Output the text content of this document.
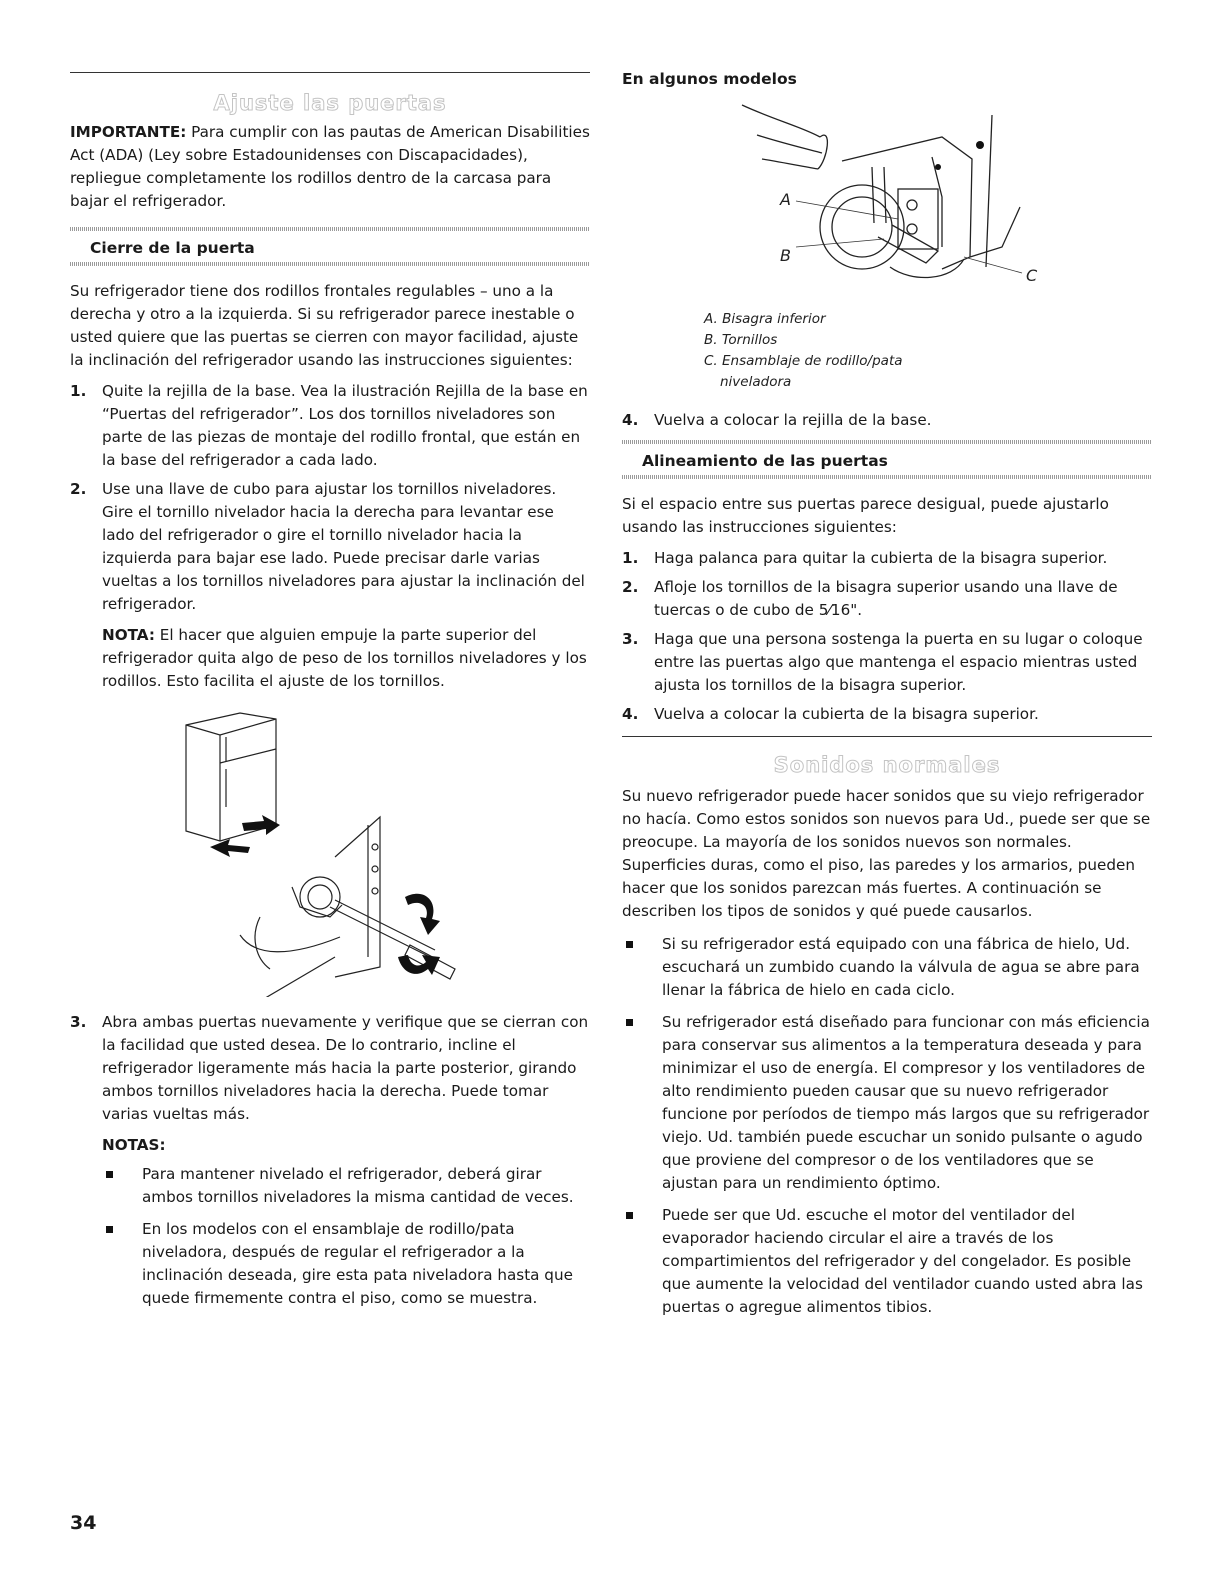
Ajuste las puertas

IMPORTANTE: Para cumplir con las pautas de American Disabilities Act (ADA) (Ley sobre Estadounidenses con Discapacidades), repliegue completamente los rodillos dentro de la carcasa para bajar el refrigerador.

Cierre de la puerta

Su refrigerador tiene dos rodillos frontales regulables – uno a la derecha y otro a la izquierda. Si su refrigerador parece inestable o usted quiere que las puertas se cierren con mayor facilidad, ajuste la inclinación del refrigerador usando las instrucciones siguientes:

1. Quite la rejilla de la base. Vea la ilustración Rejilla de la base en “Puertas del refrigerador”. Los dos tornillos niveladores son parte de las piezas de montaje del rodillo frontal, que están en la base del refrigerador a cada lado.
2. Use una llave de cubo para ajustar los tornillos niveladores. Gire el tornillo nivelador hacia la derecha para levantar ese lado del refrigerador o gire el tornillo nivelador hacia la izquierda para bajar ese lado. Puede precisar darle varias vueltas a los tornillos niveladores para ajustar la inclinación del refrigerador.

NOTA: El hacer que alguien empuje la parte superior del refrigerador quita algo de peso de los tornillos niveladores y los rodillos. Esto facilita el ajuste de los tornillos.

3. Abra ambas puertas nuevamente y verifique que se cierran con la facilidad que usted desea. De lo contrario, incline el refrigerador ligeramente más hacia la parte posterior, girando ambos tornillos niveladores hacia la derecha. Puede tomar varias vueltas más.

NOTAS:

Para mantener nivelado el refrigerador, deberá girar ambos tornillos niveladores la misma cantidad de veces.
En los modelos con el ensamblaje de rodillo/pata niveladora, después de regular el refrigerador a la inclinación deseada, gire esta pata niveladora hasta que quede firmemente contra el piso, como se muestra.
34

En algunos modelos

A
B
C
A. Bisagra inferior
B. Tornillos
C. Ensamblaje de rodillo/pata
niveladora
4. Vuelva a colocar la rejilla de la base.
Alineamiento de las puertas

Si el espacio entre sus puertas parece desigual, puede ajustarlo usando las instrucciones siguientes:

1. Haga palanca para quitar la cubierta de la bisagra superior.
2. Afloje los tornillos de la bisagra superior usando una llave de tuercas o de cubo de 5⁄16".
3. Haga que una persona sostenga la puerta en su lugar o coloque entre las puertas algo que mantenga el espacio mientras usted ajusta los tornillos de la bisagra superior.
4. Vuelva a colocar la cubierta de la bisagra superior.
Sonidos normales

Su nuevo refrigerador puede hacer sonidos que su viejo refrigerador no hacía. Como estos sonidos son nuevos para Ud., puede ser que se preocupe. La mayoría de los sonidos nuevos son normales. Superficies duras, como el piso, las paredes y los armarios, pueden hacer que los sonidos parezcan más fuertes. A continuación se describen los tipos de sonidos y qué puede causarlos.

Si su refrigerador está equipado con una fábrica de hielo, Ud. escuchará un zumbido cuando la válvula de agua se abre para llenar la fábrica de hielo en cada ciclo.
Su refrigerador está diseñado para funcionar con más eficiencia para conservar sus alimentos a la temperatura deseada y para minimizar el uso de energía. El compresor y los ventiladores de alto rendimiento pueden causar que su nuevo refrigerador funcione por períodos de tiempo más largos que su refrigerador viejo. Ud. también puede escuchar un sonido pulsante o agudo que proviene del compresor o de los ventiladores que se ajustan para un rendimiento óptimo.
Puede ser que Ud. escuche el motor del ventilador del evaporador haciendo circular el aire a través de los compartimientos del refrigerador y del congelador. Es posible que aumente la velocidad del ventilador cuando usted abra las puertas o agregue alimentos tibios.
